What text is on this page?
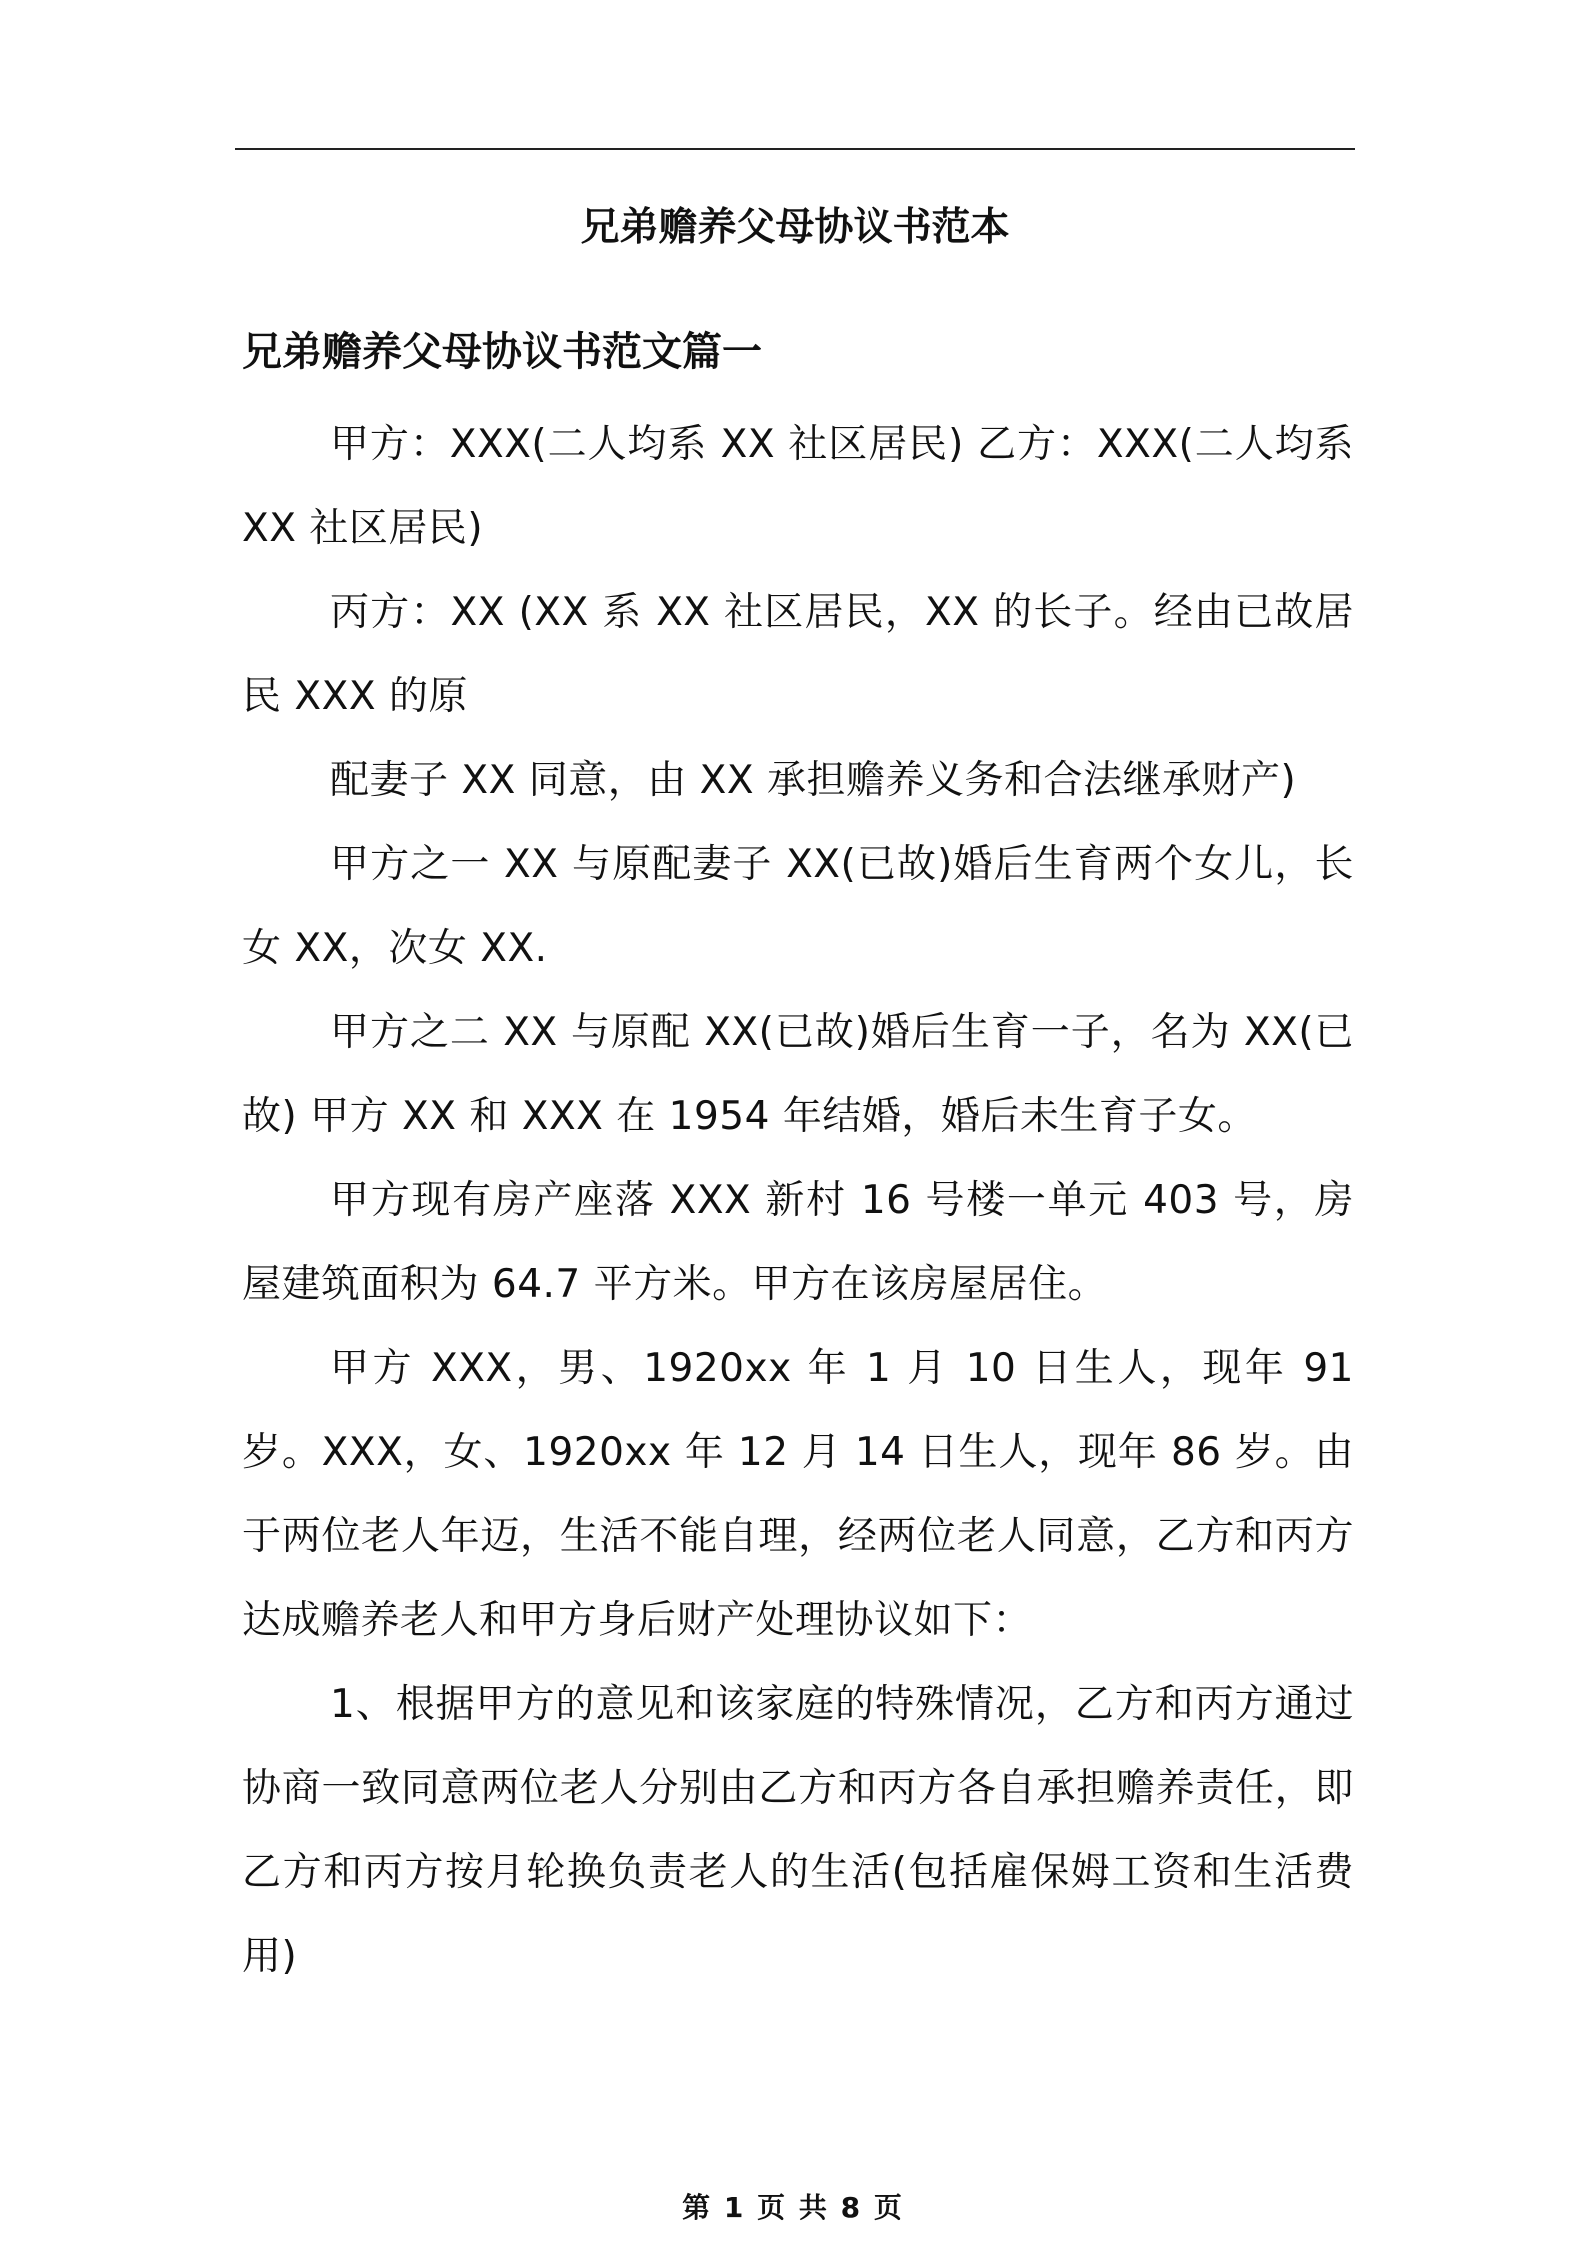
兄弟赡养父母协议书范本
兄弟赡养父母协议书范文篇一

甲方：XXX(二人均系 XX 社区居民) 乙方：XXX(二人均系 XX 社区居民)

丙方：XX (XX 系 XX 社区居民，XX 的长子。经由已故居民 XXX 的原

配妻子 XX 同意，由 XX 承担赡养义务和合法继承财产)

甲方之一 XX 与原配妻子 XX(已故)婚后生育两个女儿，长女 XX，次女 XX.

甲方之二 XX 与原配 XX(已故)婚后生育一子，名为 XX(已故) 甲方 XX 和 XXX 在 1954 年结婚，婚后未生育子女。

甲方现有房产座落 XXX 新村 16 号楼一单元 403 号，房屋建筑面积为 64.7 平方米。甲方在该房屋居住。

甲方 XXX，男、1920xx 年 1 月 10 日生人，现年 91 岁。XXX，女、1920xx 年 12 月 14 日生人，现年 86 岁。由于两位老人年迈，生活不能自理，经两位老人同意，乙方和丙方达成赡养老人和甲方身后财产处理协议如下：

1、根据甲方的意见和该家庭的特殊情况，乙方和丙方通过协商一致同意两位老人分别由乙方和丙方各自承担赡养责任，即乙方和丙方按月轮换负责老人的生活(包括雇保姆工资和生活费用)

第 1 页 共 8 页
